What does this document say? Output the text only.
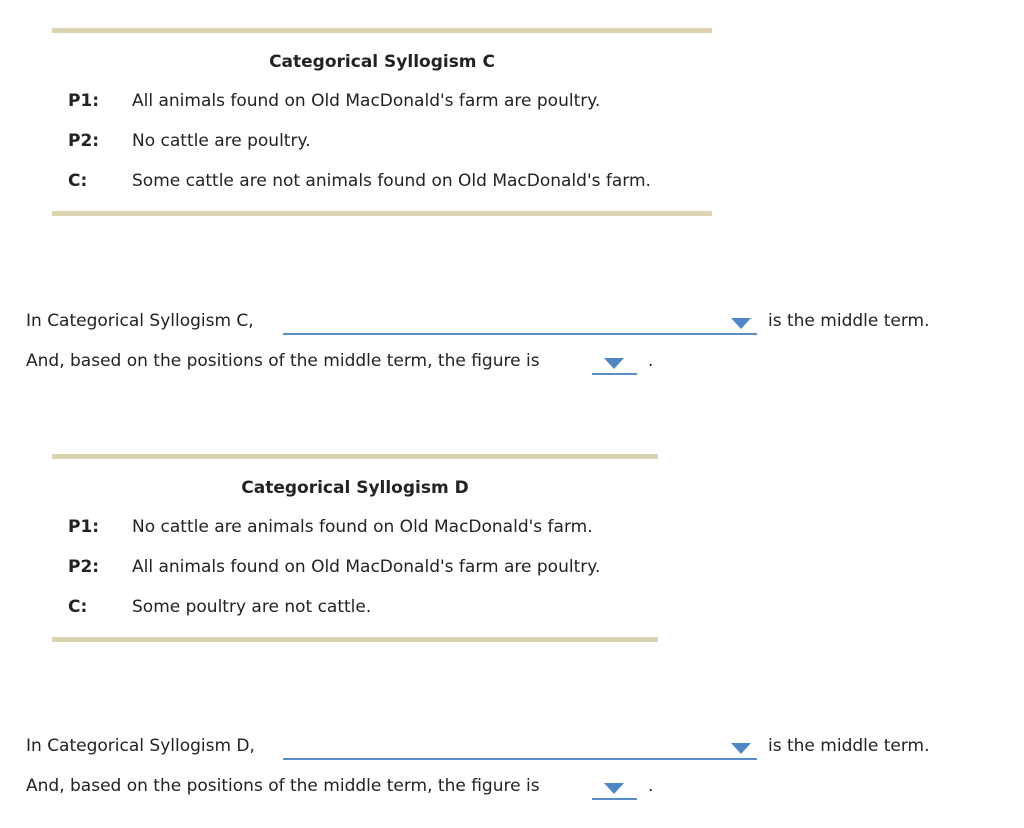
Categorical Syllogism C
P1: All animals found on Old MacDonald's farm are poultry.
P2: No cattle are poultry.
C:	Some cattle are not animals found on Old MacDonald's farm.
In Categorical Syllogism C,	is the middle term.
And, based on the positions of the middle term, the figure is	.
Categorical Syllogism D
P1: No cattle are animals found on Old MacDonald's farm.
P2: All animals found on Old MacDonald's farm are poultry.
C:	Some poultry are not cattle.
In Categorical Syllogism D,	is the middle term.
And, based on the positions of the middle term, the figure is	.
